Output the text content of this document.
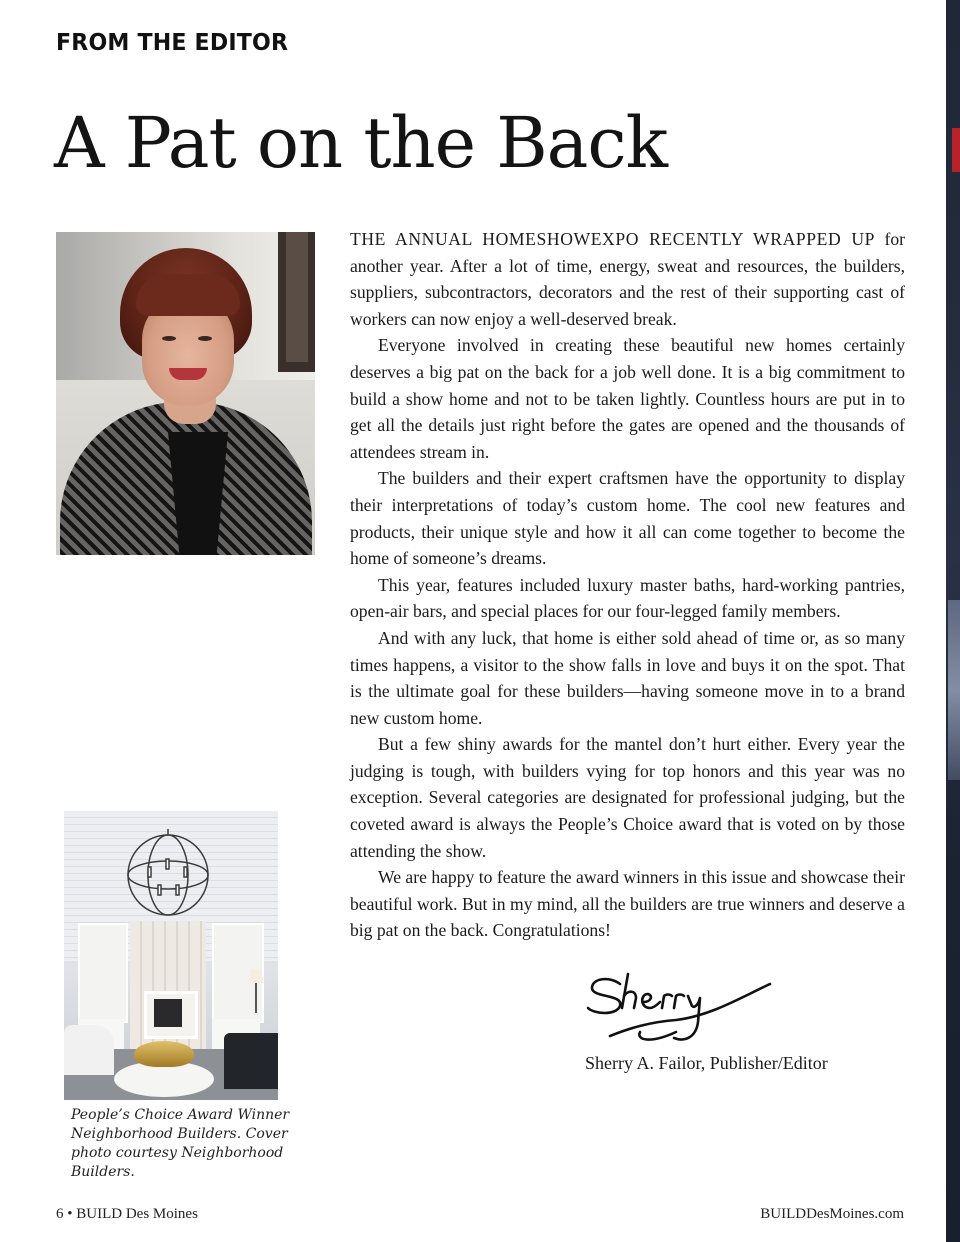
FROM THE EDITOR
A Pat on the Back

THE ANNUAL HOMESHOWEXPO RECENTLY WRAPPED UP for another year. After a lot of time, energy, sweat and resources, the builders, suppliers, subcontractors, decorators and the rest of their supporting cast of workers can now enjoy a well-deserved break.

Everyone involved in creating these beautiful new homes certainly deserves a big pat on the back for a job well done. It is a big commitment to build a show home and not to be taken lightly. Countless hours are put in to get all the details just right before the gates are opened and the thousands of attendees stream in.

The builders and their expert craftsmen have the opportunity to display their interpretations of today’s custom home. The cool new features and products, their unique style and how it all can come together to become the home of someone’s dreams.

This year, features included luxury master baths, hard-working pantries, open-air bars, and special places for our four-legged family members.

And with any luck, that home is either sold ahead of time or, as so many times happens, a visitor to the show falls in love and buys it on the spot. That is the ultimate goal for these builders—having someone move in to a brand new custom home.

But a few shiny awards for the mantel don’t hurt either. Every year the judging is tough, with builders vying for top honors and this year was no exception. Several categories are designated for professional judging, but the coveted award is always the People’s Choice award that is voted on by those attending the show.

We are happy to feature the award winners in this issue and showcase their beautiful work. But in my mind, all the builders are true winners and deserve a big pat on the back. Congratulations!

Sherry A. Failor, Publisher/Editor
People’s Choice Award Winner Neighborhood Builders. Cover photo courtesy Neighborhood Builders.
6 • BUILD Des Moines	BUILDDesMoines.com
